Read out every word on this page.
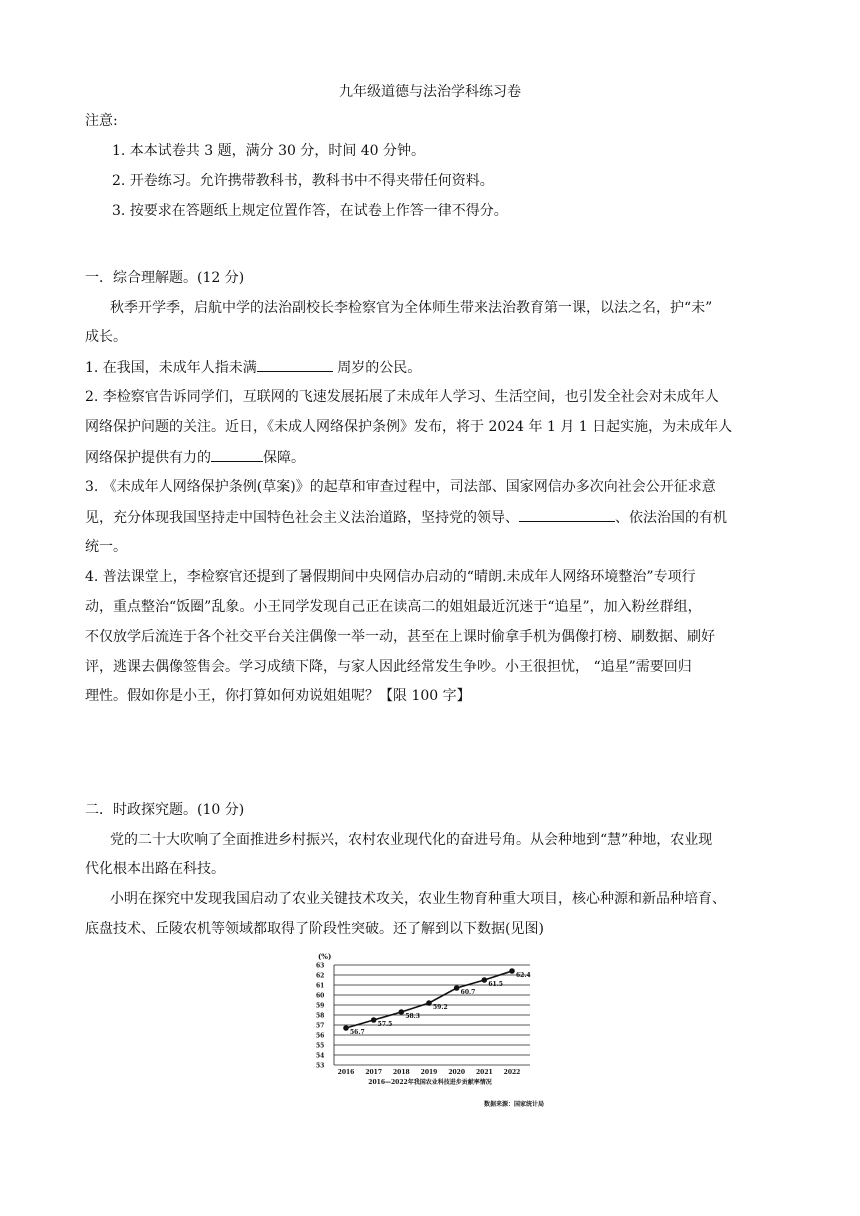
九年级道德与法治学科练习卷
注意:
1. 本本试卷共 3 题，满分 30 分，时间 40 分钟。
2. 开卷练习。允许携带教科书，教科书中不得夹带任何资料。
3. 按要求在答题纸上规定位置作答，在试卷上作答一律不得分。
一．综合理解题。(12 分)
秋季开学季，启航中学的法治副校长李检察官为全体师生带来法治教育第一课，以法之名，护“未”
成长。
1. 在我国，未成年人指未满	周岁的公民。
2. 李检察官告诉同学们，互联网的飞速发展拓展了未成年人学习、生活空间，也引发全社会对未成年人
网络保护问题的关注。近日，《未成人网络保护条例》发布，将于 2024 年 1 月 1 日起实施，为未成年人
网络保护提供有力的	保障。
3. 《未成年人网络保护条例(草案)》的起草和审查过程中，司法部、国家网信办多次向社会公开征求意
见，充分体现我国坚持走中国特色社会主义法治道路，坚持党的领导、	、依法治国的有机
统一。
4. 普法课堂上，李检察官还提到了暑假期间中央网信办启动的“晴朗.未成年人网络环境整治”专项行
动，重点整治“饭圈”乱象。小王同学发现自己正在读高二的姐姐最近沉迷于“追星”，加入粉丝群组，
不仅放学后流连于各个社交平台关注偶像一举一动，甚至在上课时偷拿手机为偶像打榜、刷数据、刷好
评，逃课去偶像签售会。学习成绩下降，与家人因此经常发生争吵。小王很担忧， “追星”需要回归
理性。假如你是小王，你打算如何劝说姐姐呢？【限 100 字】
二．时政探究题。(10 分)
党的二十大吹响了全面推进乡村振兴，农村农业现代化的奋进号角。从会种地到“慧”种地，农业现
代化根本出路在科技。
小明在探究中发现我国启动了农业关键技术攻关，农业生物育种重大项目，核心种源和新品种培育、
底盘技术、丘陵农机等领域都取得了阶段性突破。还了解到以下数据(见图)
(%)
53
54
55
56
57
58
59
60
61
62
63
2016 2017 2018 2019 2020 2021 2022
56.7
57.5
58.3
59.2
60.7
61.5
62.4
2016—2022年我国农业科技进步贡献率情况
数据来源：国家统计局
